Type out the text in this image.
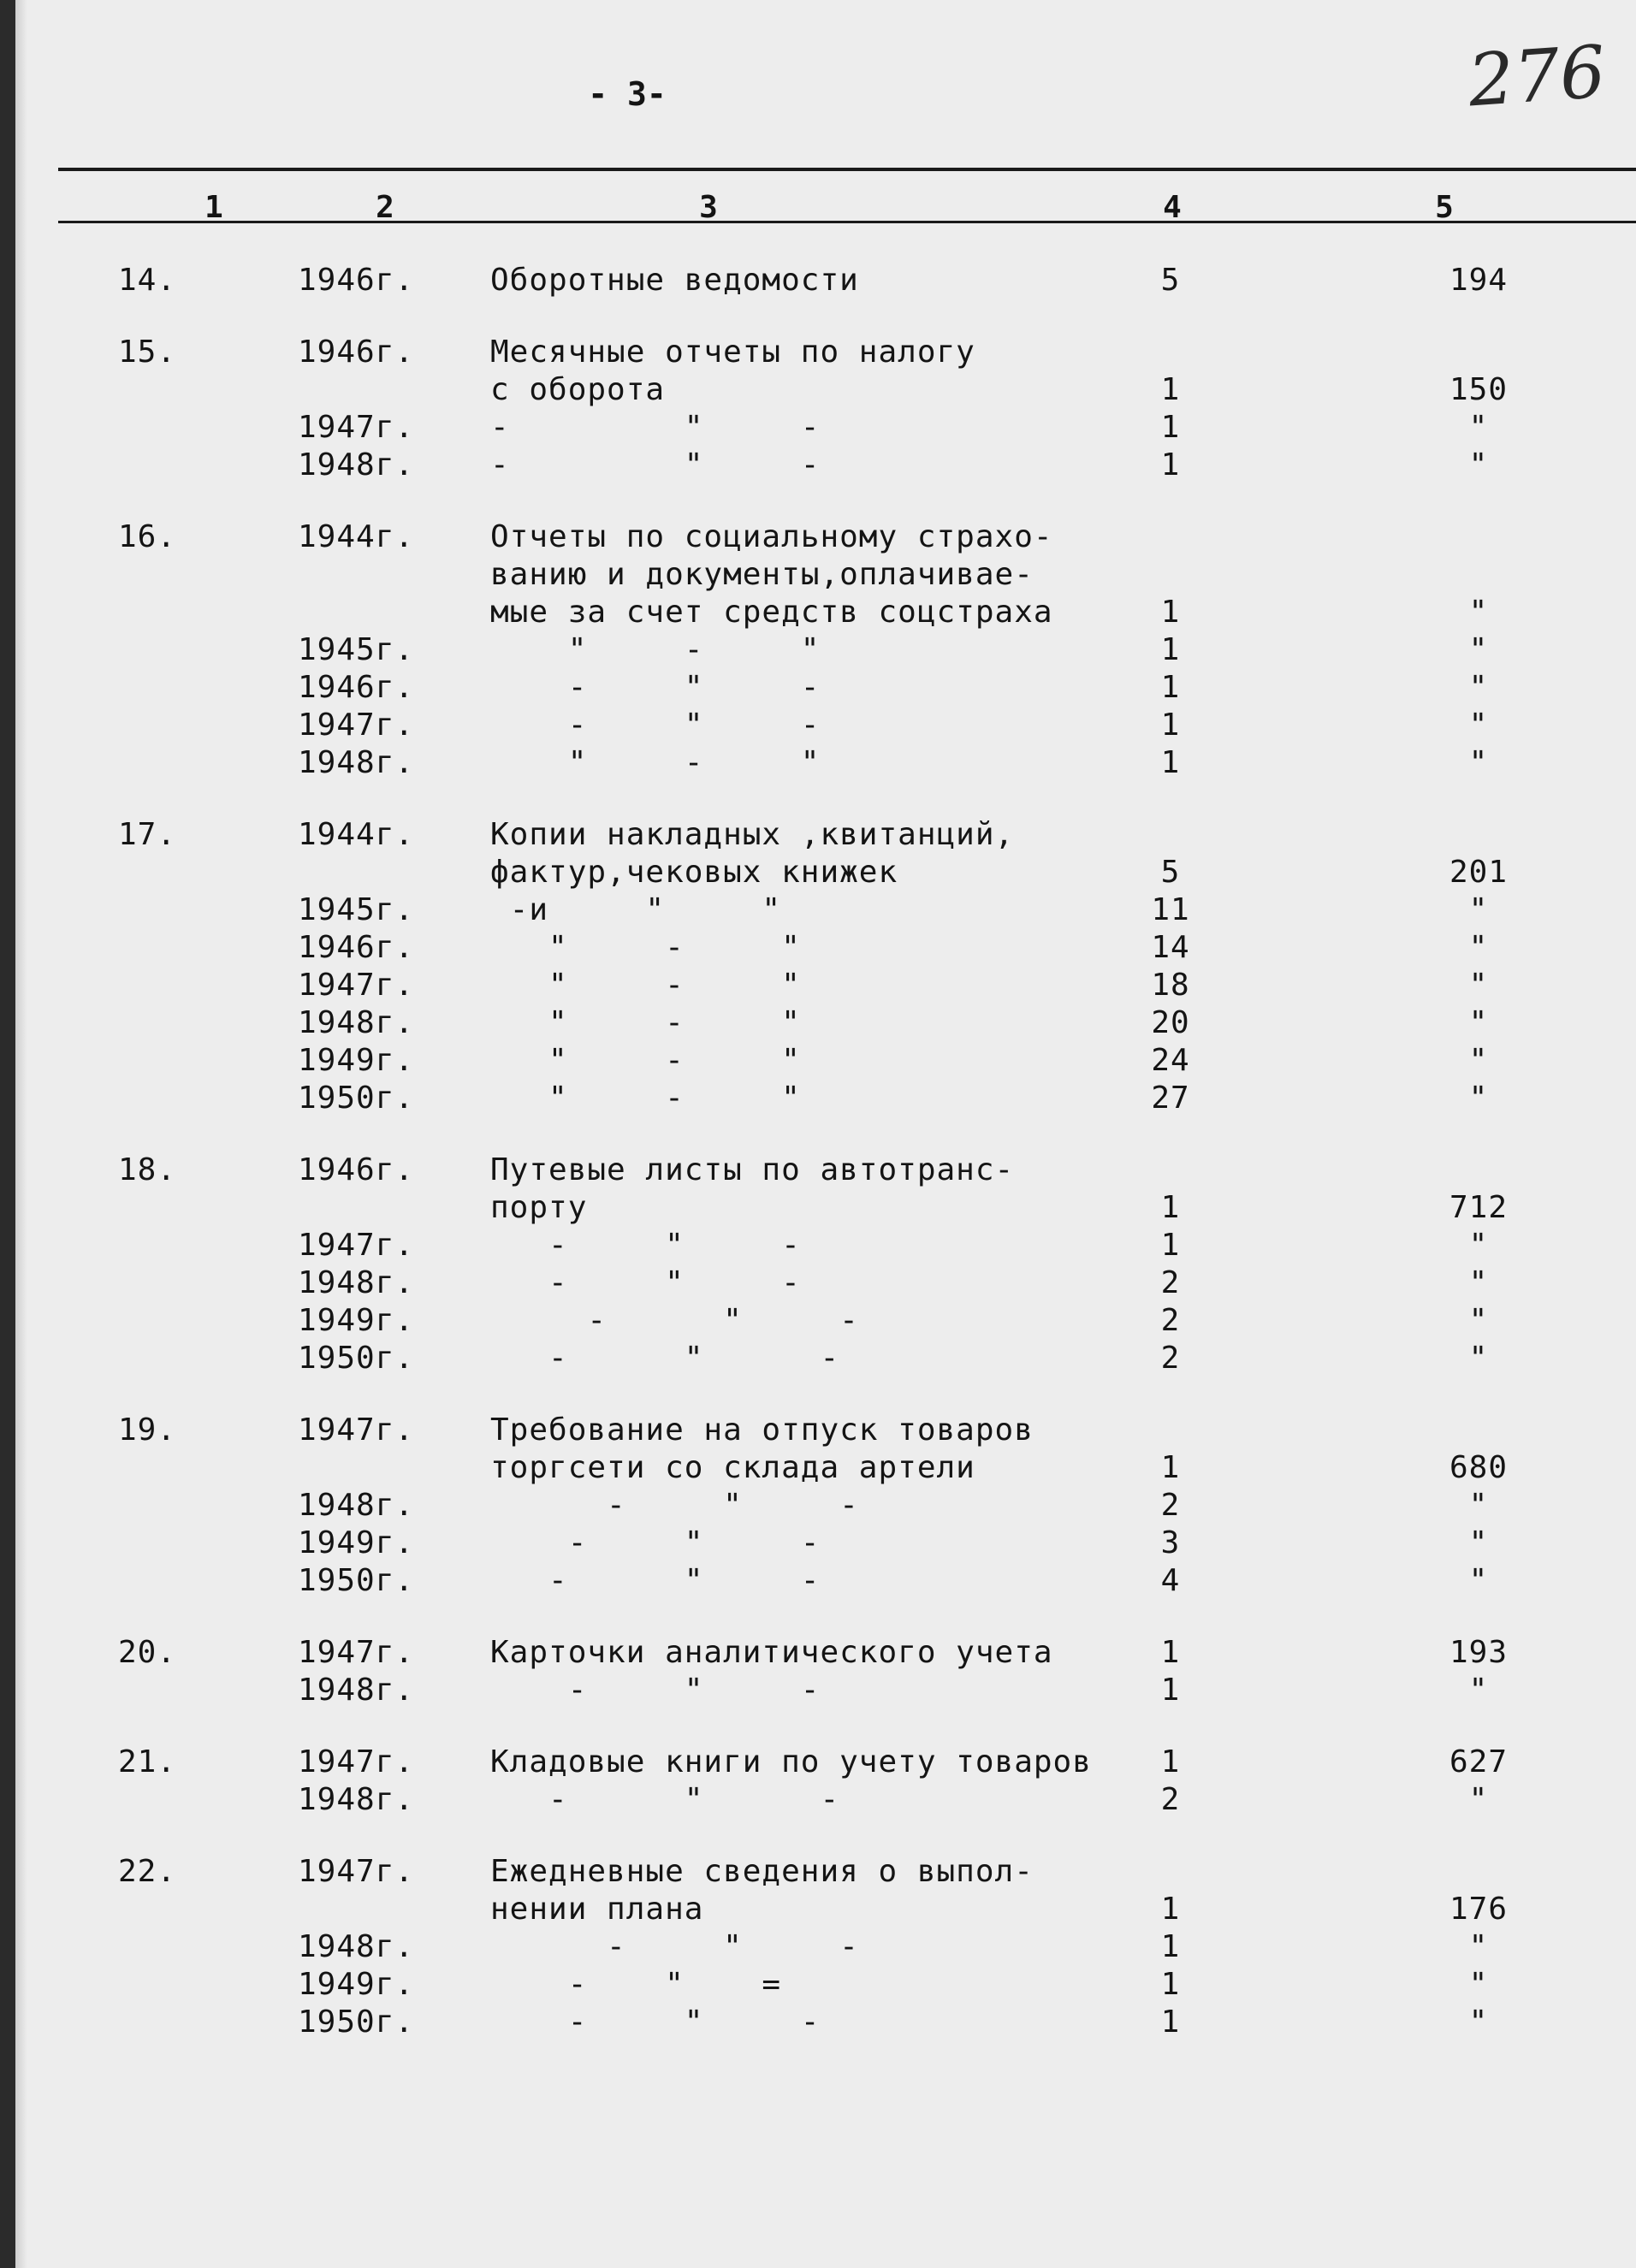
- 3-	276
1	2	3	4	5
14.	1946г.	Оборотные ведомости	5	194
15.	1946г.	Месячные отчеты по налогу
с оборота	1	150
1947г.	-         "     -	1	"
1948г.	-         "     -	1	"
16.	1944г.	Отчеты по социальному страхо-
ванию и документы,оплачивае-
мые за счет средств соцстраха	1	"
1945г.	"     -     "	1	"
1946г.	-     "     -	1	"
1947г.	-     "     -	1	"
1948г.	"     -     "	1	"
17.	1944г.	Копии накладных ,квитанций,
фактур,чековых книжек	5	201
1945г.	-и     "     "	11	"
1946г.	"     -     "	14	"
1947г.	"     -     "	18	"
1948г.	"     -     "	20	"
1949г.	"     -     "	24	"
1950г.	"     -     "	27	"
18.	1946г.	Путевые листы по автотранс-
порту	1	712
1947г.	-     "     -	1	"
1948г.	-     "     -	2	"
1949г.	-      "     -	2	"
1950г.	-      "      -	2	"
19.	1947г.	Требование на отпуск товаров
торгсети со склада артели	1	680
1948г.	-     "     -	2	"
1949г.	-     "     -	3	"
1950г.	-      "     -	4	"
20.	1947г.	Карточки аналитического учета	1	193
1948г.	-     "     -	1	"
21.	1947г.	Кладовые книги по учету товаров	1	627
1948г.	-      "      -	2	"
22.	1947г.	Ежедневные сведения о выпол-
нении плана	1	176
1948г.	-     "     -	1	"
1949г.	-    "    =	1	"
1950г.	-     "     -	1	"
